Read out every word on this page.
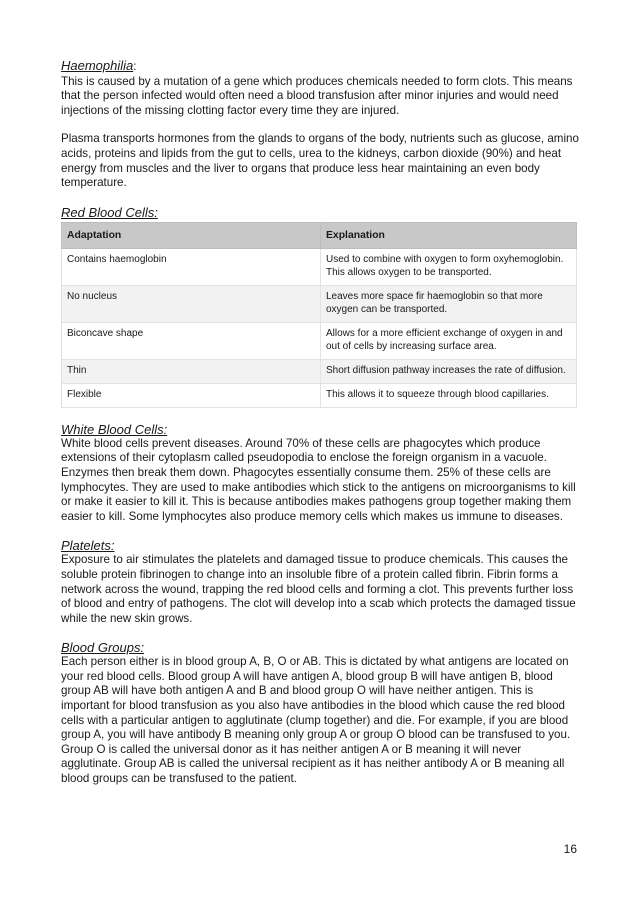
Haemophilia:

This is caused by a mutation of a gene which produces chemicals needed to form clots. This means that the person infected would often need a blood transfusion after minor injuries and would need injections of the missing clotting factor every time they are injured.

Plasma transports hormones from the glands to organs of the body, nutrients such as glucose, amino acids, proteins and lipids from the gut to cells, urea to the kidneys, carbon dioxide (90%) and heat energy from muscles and the liver to organs that produce less hear maintaining an even body temperature.

Red Blood Cells:

Adaptation	Explanation
Contains haemoglobin	Used to combine with oxygen to form oxyhemoglobin. This allows oxygen to be transported.
No nucleus	Leaves more space fir haemoglobin so that more oxygen can be transported.
Biconcave shape	Allows for a more efficient exchange of oxygen in and out of cells by increasing surface area.
Thin	Short diffusion pathway increases the rate of diffusion.
Flexible	This allows it to squeeze through blood capillaries.

White Blood Cells:

White blood cells prevent diseases. Around 70% of these cells are phagocytes which produce extensions of their cytoplasm called pseudopodia to enclose the foreign organism in a vacuole. Enzymes then break them down. Phagocytes essentially consume them. 25% of these cells are lymphocytes. They are used to make antibodies which stick to the antigens on microorganisms to kill or make it easier to kill it. This is because antibodies makes pathogens group together making them easier to kill. Some lymphocytes also produce memory cells which makes us immune to diseases.

Platelets:

Exposure to air stimulates the platelets and damaged tissue to produce chemicals. This causes the soluble protein fibrinogen to change into an insoluble fibre of a protein called fibrin. Fibrin forms a network across the wound, trapping the red blood cells and forming a clot. This prevents further loss of blood and entry of pathogens. The clot will develop into a scab which protects the damaged tissue while the new skin grows.

Blood Groups:

Each person either is in blood group A, B, O or AB. This is dictated by what antigens are located on your red blood cells. Blood group A will have antigen A, blood group B will have antigen B, blood group AB will have both antigen A and B and blood group O will have neither antigen. This is important for blood transfusion as you also have antibodies in the blood which cause the red blood cells with a particular antigen to agglutinate (clump together) and die. For example, if you are blood group A, you will have antibody B meaning only group A or group O blood can be transfused to you. Group O is called the universal donor as it has neither antigen A or B meaning it will never agglutinate. Group AB is called the universal recipient as it has neither antibody A or B meaning all blood groups can be transfused to the patient.

16
